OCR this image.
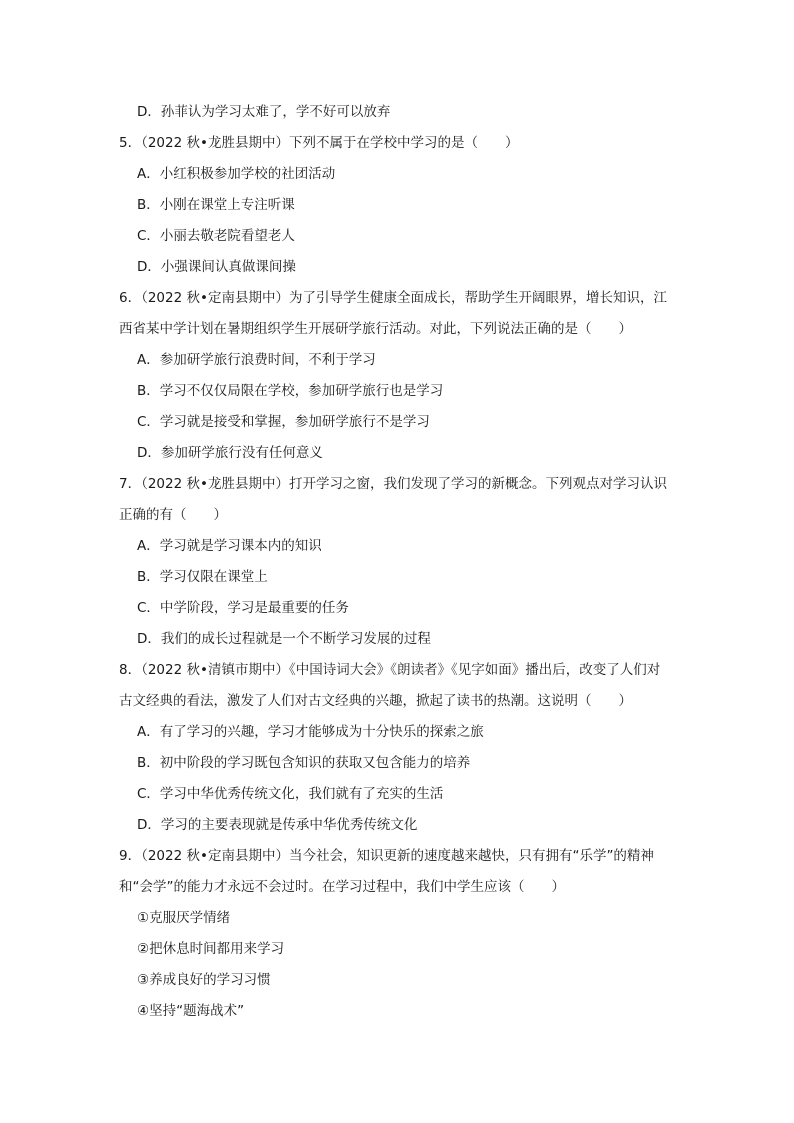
D．孙菲认为学习太难了，学不好可以放弃
5．（2022 秋•龙胜县期中）下列不属于在学校中学习的是（　　）
A．小红积极参加学校的社团活动
B．小刚在课堂上专注听课
C．小丽去敬老院看望老人
D．小强课间认真做课间操
6．（2022 秋•定南县期中）为了引导学生健康全面成长，帮助学生开阔眼界，增长知识，江
西省某中学计划在暑期组织学生开展研学旅行活动。对此，下列说法正确的是（　　）
A．参加研学旅行浪费时间，不利于学习
B．学习不仅仅局限在学校，参加研学旅行也是学习
C．学习就是接受和掌握，参加研学旅行不是学习
D．参加研学旅行没有任何意义
7．（2022 秋•龙胜县期中）打开学习之窗，我们发现了学习的新概念。下列观点对学习认识
正确的有（　　）
A．学习就是学习课本内的知识
B．学习仅限在课堂上
C．中学阶段，学习是最重要的任务
D．我们的成长过程就是一个不断学习发展的过程
8．（2022 秋•清镇市期中）《中国诗词大会》《朗读者》《见字如面》播出后，改变了人们对
古文经典的看法，激发了人们对古文经典的兴趣，掀起了读书的热潮。这说明（　　）
A．有了学习的兴趣，学习才能够成为十分快乐的探索之旅
B．初中阶段的学习既包含知识的获取又包含能力的培养
C．学习中华优秀传统文化，我们就有了充实的生活
D．学习的主要表现就是传承中华优秀传统文化
9．（2022 秋•定南县期中）当今社会，知识更新的速度越来越快，只有拥有“乐学”的精神
和“会学”的能力才永远不会过时。在学习过程中，我们中学生应该（　　）
①克服厌学情绪
②把休息时间都用来学习
③养成良好的学习习惯
④坚持“题海战术”
